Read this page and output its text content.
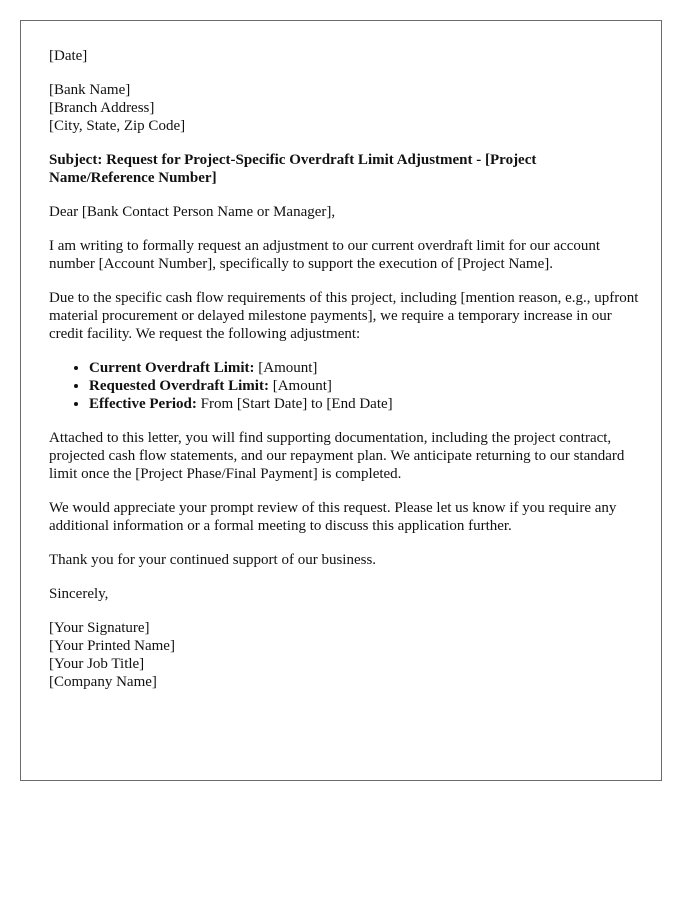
[Date]

[Bank Name]
[Branch Address]
[City, State, Zip Code]

Subject: Request for Project-Specific Overdraft Limit Adjustment - [Project Name/Reference Number]

Dear [Bank Contact Person Name or Manager],

I am writing to formally request an adjustment to our current overdraft limit for our account number [Account Number], specifically to support the execution of [Project Name].

Due to the specific cash flow requirements of this project, including [mention reason, e.g., upfront material procurement or delayed milestone payments], we require a temporary increase in our credit facility. We request the following adjustment:

• Current Overdraft Limit: [Amount]
• Requested Overdraft Limit: [Amount]
• Effective Period: From [Start Date] to [End Date]

Attached to this letter, you will find supporting documentation, including the project contract, projected cash flow statements, and our repayment plan. We anticipate returning to our standard limit once the [Project Phase/Final Payment] is completed.

We would appreciate your prompt review of this request. Please let us know if you require any additional information or a formal meeting to discuss this application further.

Thank you for your continued support of our business.

Sincerely,

[Your Signature]
[Your Printed Name]
[Your Job Title]
[Company Name]
